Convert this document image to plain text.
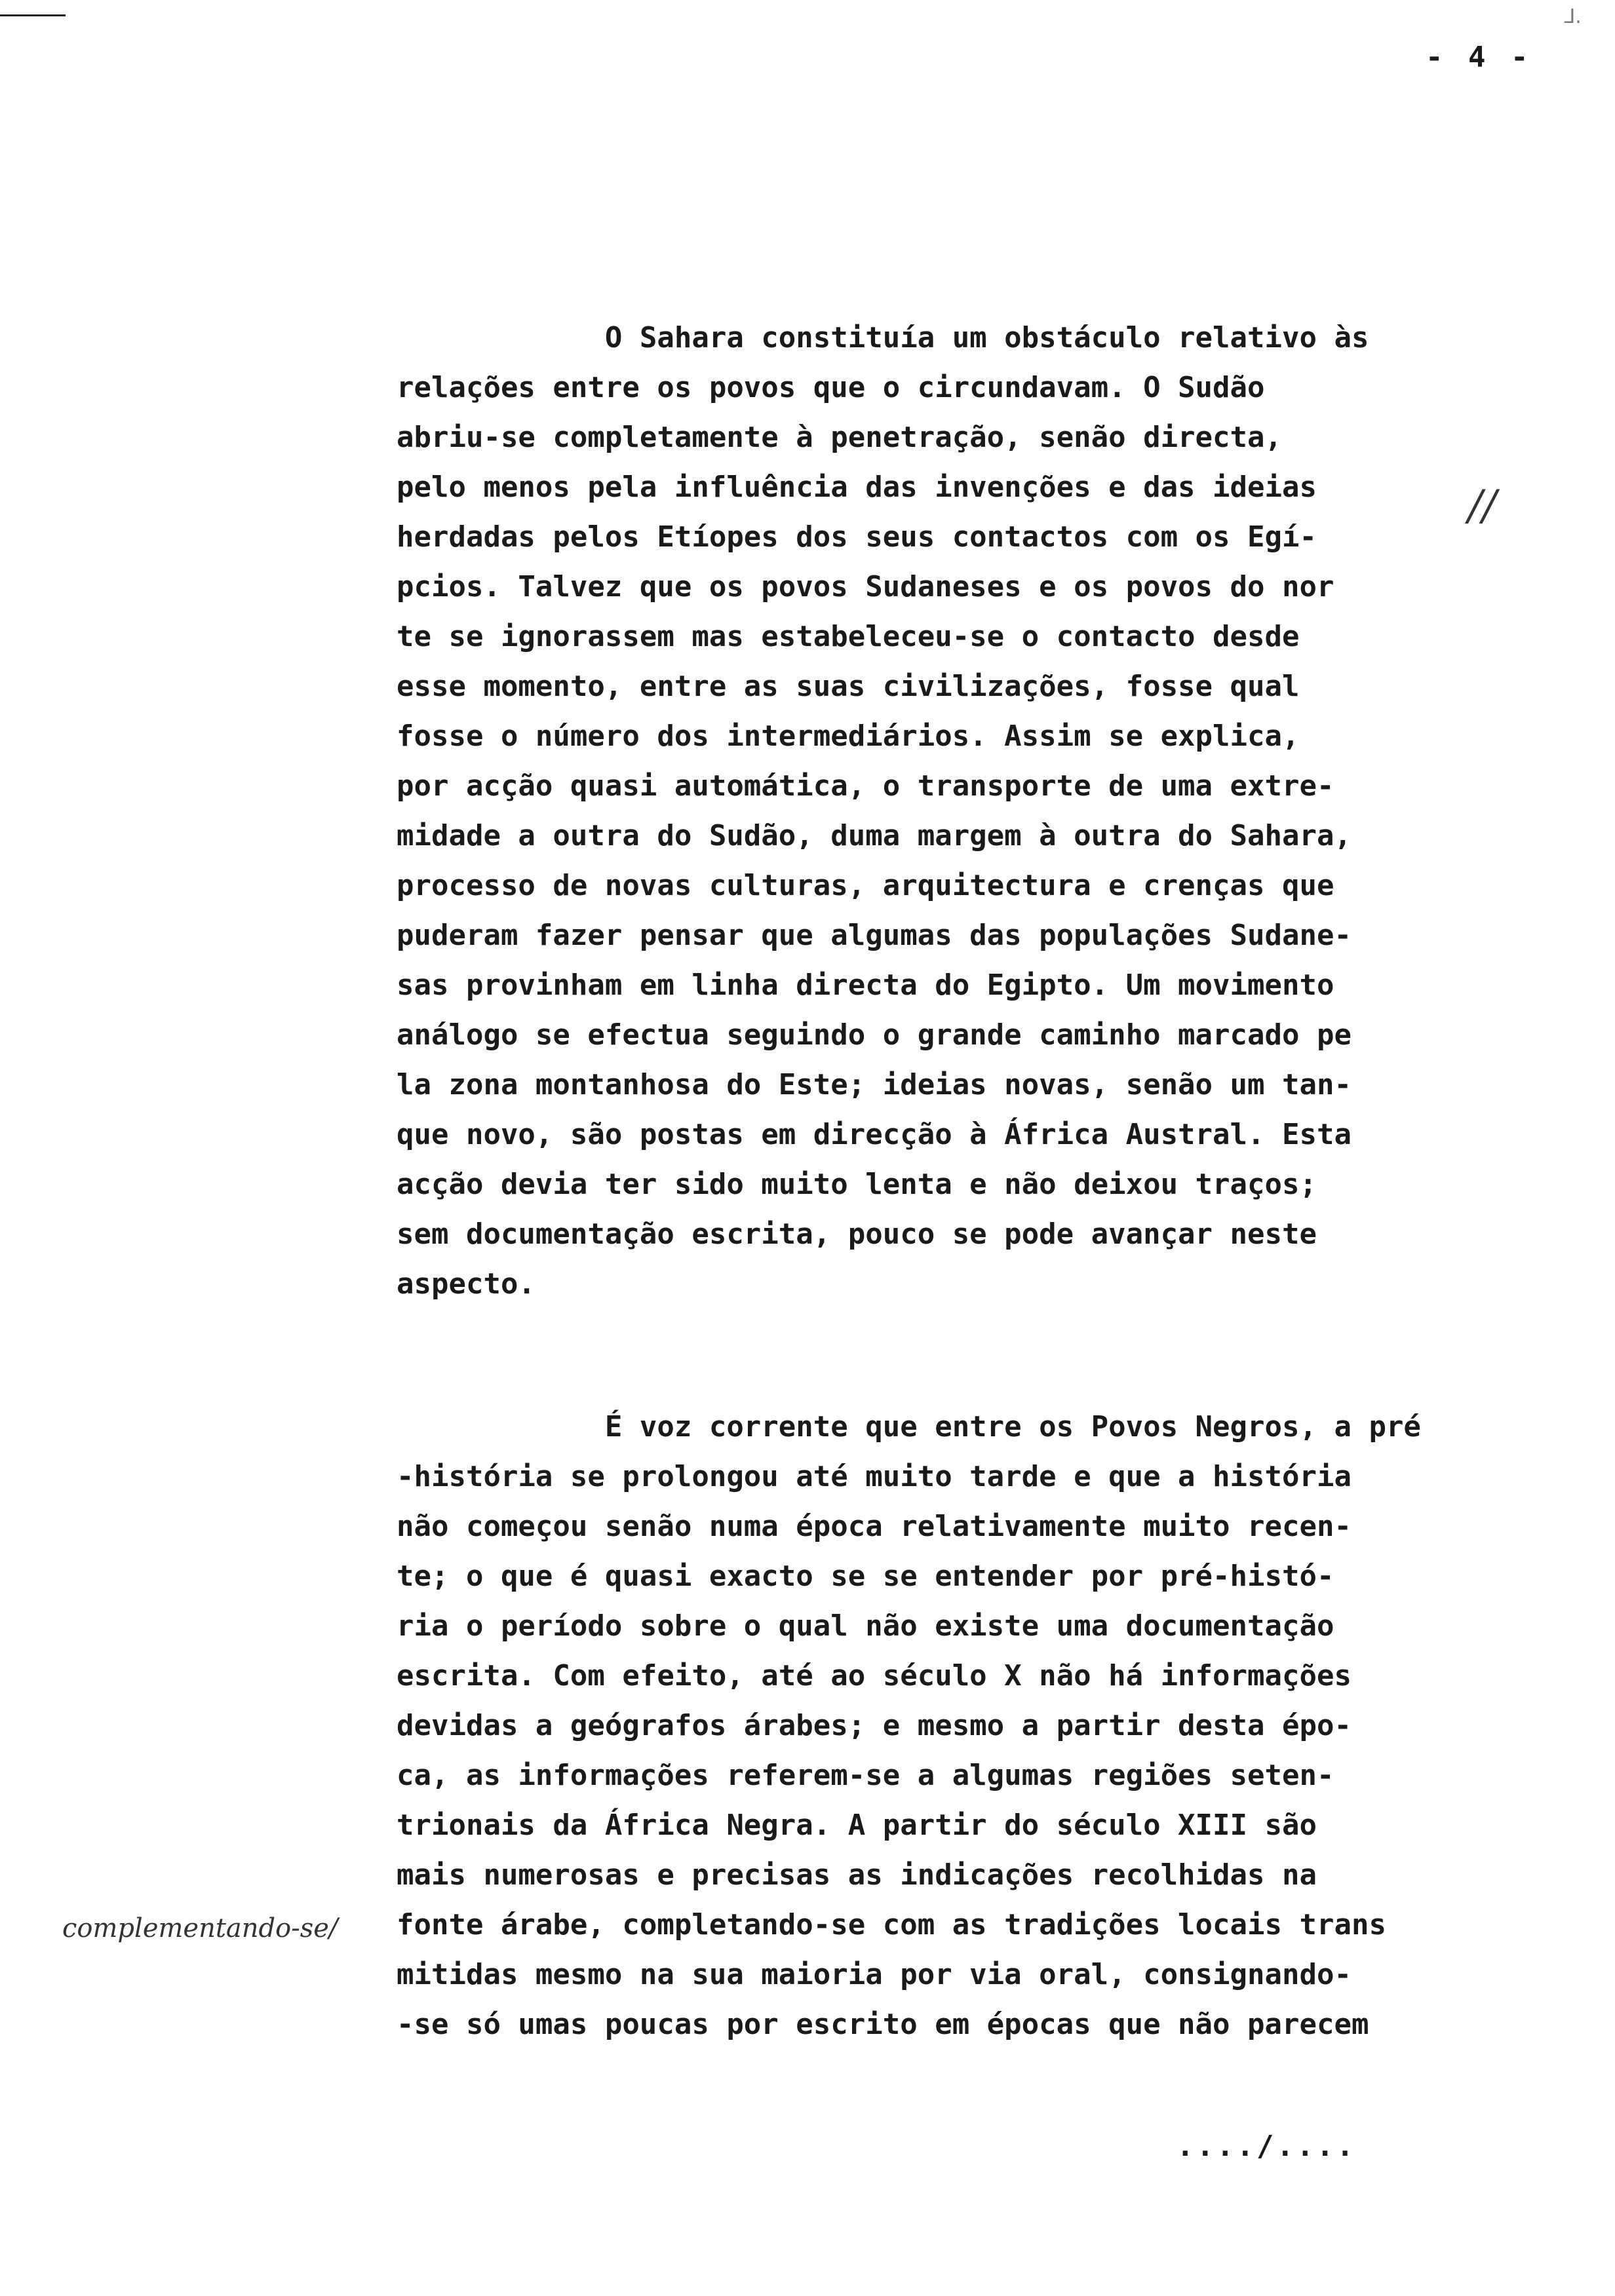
- 4 -
ᒧ.
O Sahara constituía um obstáculo relativo às
relações entre os povos que o circundavam. O Sudão
abriu-se completamente à penetração, senão directa,
pelo menos pela influência das invenções e das ideias
herdadas pelos Etíopes dos seus contactos com os Egí-
pcios. Talvez que os povos Sudaneses e os povos do nor
te se ignorassem mas estabeleceu-se o contacto desde
esse momento, entre as suas civilizações, fosse qual
fosse o número dos intermediários. Assim se explica,
por acção quasi automática, o transporte de uma extre-
midade a outra do Sudão, duma margem à outra do Sahara,
processo de novas culturas, arquitectura e crenças que
puderam fazer pensar que algumas das populações Sudane-
sas provinham em linha directa do Egipto. Um movimento
análogo se efectua seguindo o grande caminho marcado pe
la zona montanhosa do Este; ideias novas, senão um tan-
que novo, são postas em direcção à África Austral. Esta
acção devia ter sido muito lenta e não deixou traços;
sem documentação escrita, pouco se pode avançar neste
aspecto.
É voz corrente que entre os Povos Negros, a pré
-história se prolongou até muito tarde e que a história
não começou senão numa época relativamente muito recen-
te; o que é quasi exacto se se entender por pré-histó-
ria o período sobre o qual não existe uma documentação
escrita. Com efeito, até ao século X não há informações
devidas a geógrafos árabes; e mesmo a partir desta épo-
ca, as informações referem-se a algumas regiões seten-
trionais da África Negra. A partir do século XIII são
mais numerosas e precisas as indicações recolhidas na
fonte árabe, completando-se com as tradições locais trans
mitidas mesmo na sua maioria por via oral, consignando-
-se só umas poucas por escrito em épocas que não parecem
//
complementando-se/
..../....
